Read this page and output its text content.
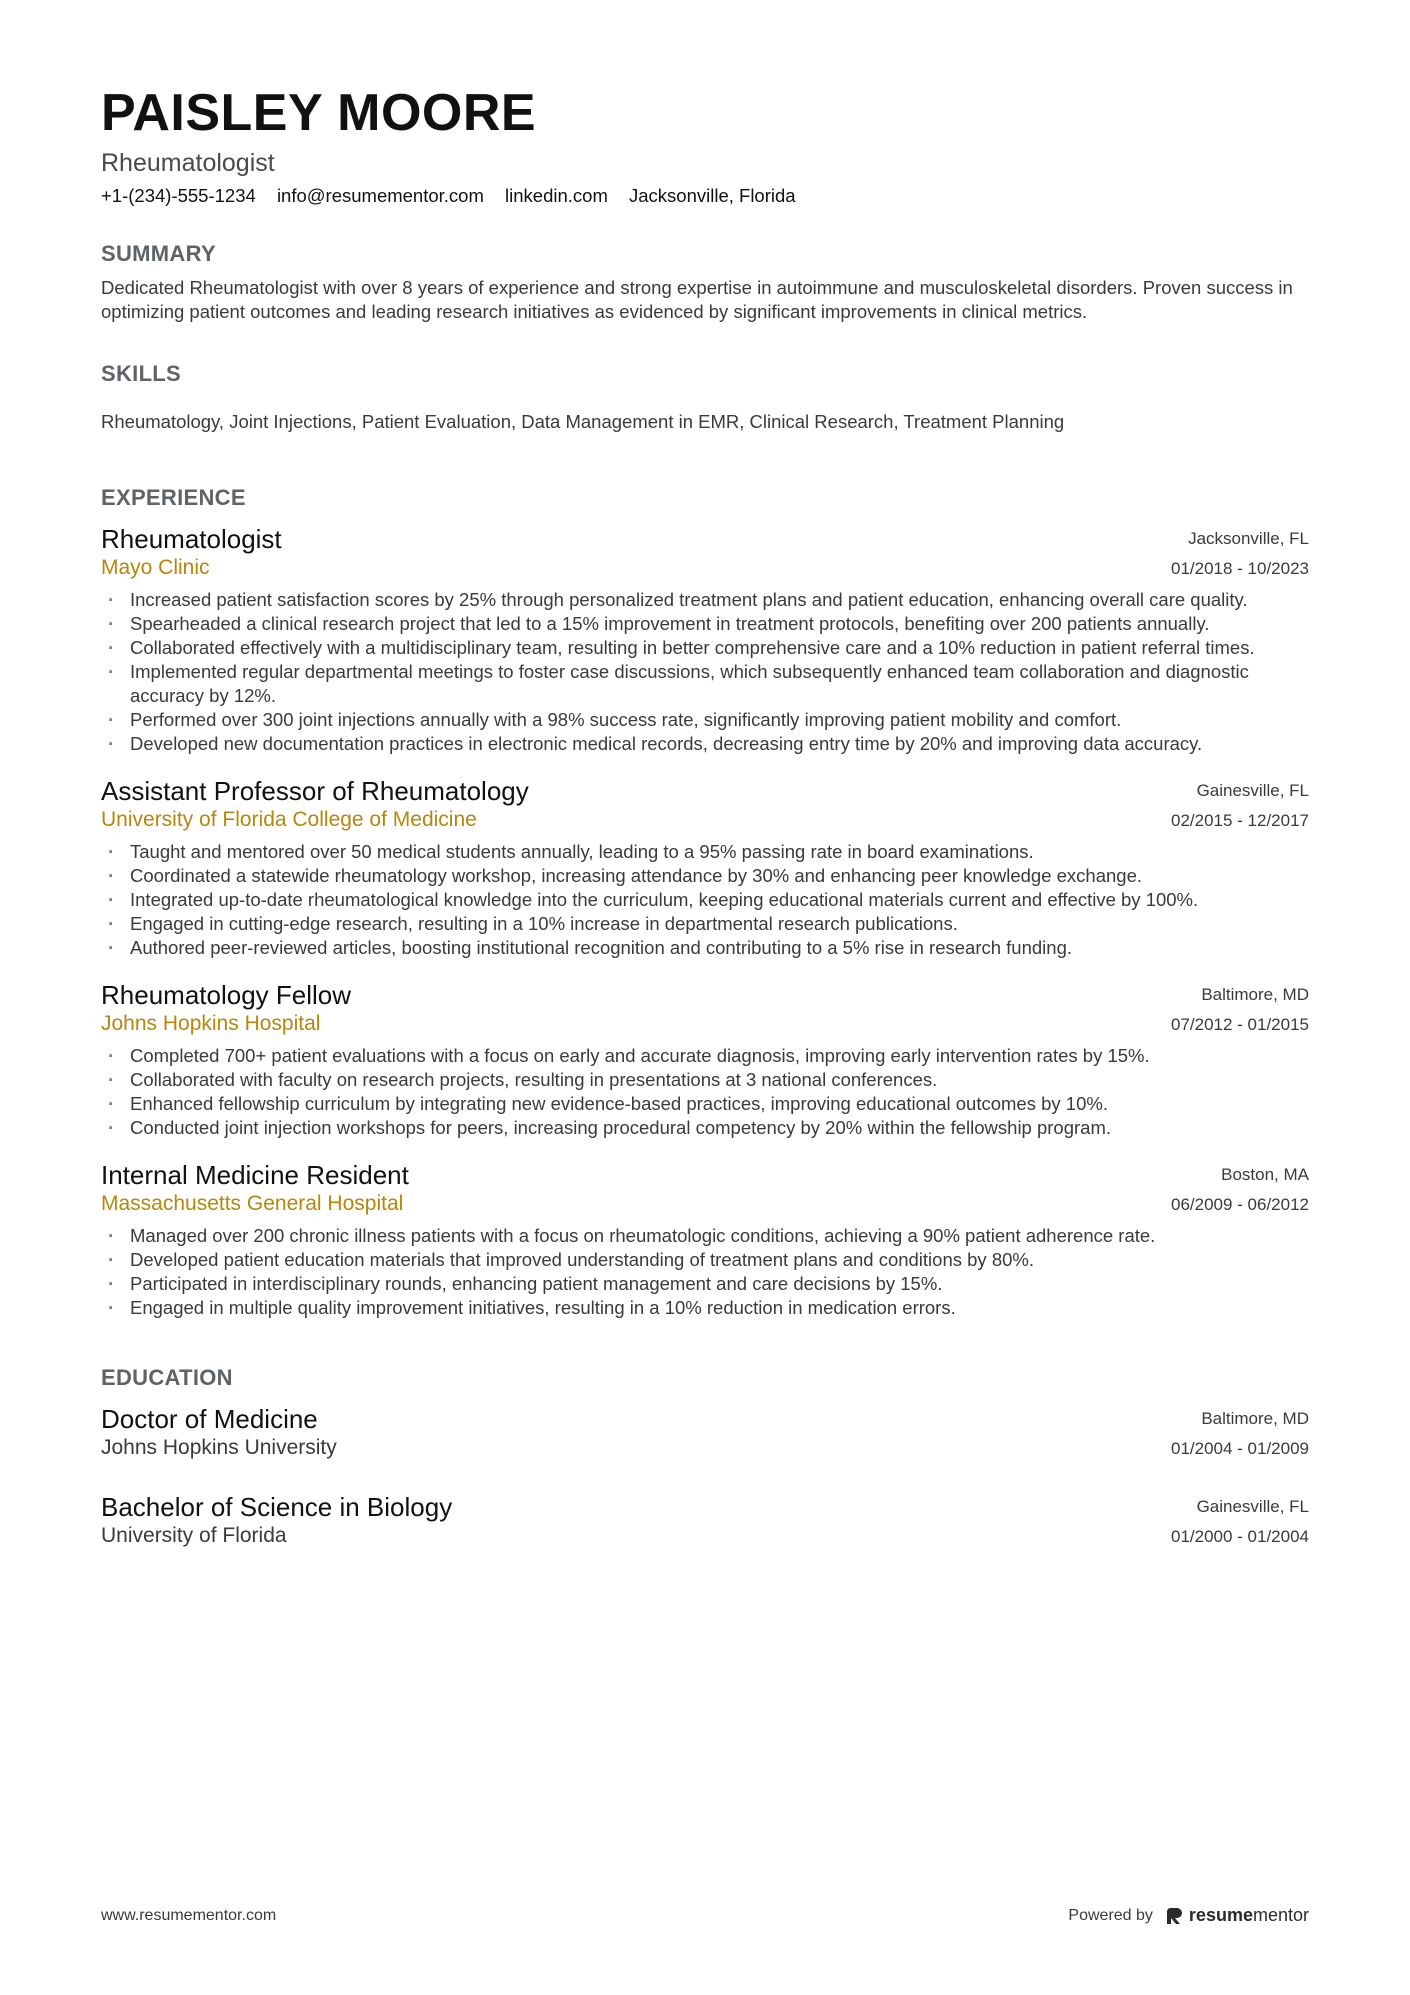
PAISLEY MOORE
Rheumatologist
+1-(234)-555-1234 info@resumementor.com linkedin.com Jacksonville, Florida
SUMMARY
Dedicated Rheumatologist with over 8 years of experience and strong expertise in autoimmune and musculoskeletal disorders. Proven success in optimizing patient outcomes and leading research initiatives as evidenced by significant improvements in clinical metrics.
SKILLS
Rheumatology, Joint Injections, Patient Evaluation, Data Management in EMR, Clinical Research, Treatment Planning
EXPERIENCE
Rheumatologist
Mayo Clinic
Jacksonville, FL
01/2018 - 10/2023
· Increased patient satisfaction scores by 25% through personalized treatment plans and patient education, enhancing overall care quality.
· Spearheaded a clinical research project that led to a 15% improvement in treatment protocols, benefiting over 200 patients annually.
· Collaborated effectively with a multidisciplinary team, resulting in better comprehensive care and a 10% reduction in patient referral times.
· Implemented regular departmental meetings to foster case discussions, which subsequently enhanced team collaboration and diagnostic accuracy by 12%.
· Performed over 300 joint injections annually with a 98% success rate, significantly improving patient mobility and comfort.
· Developed new documentation practices in electronic medical records, decreasing entry time by 20% and improving data accuracy.
Assistant Professor of Rheumatology
University of Florida College of Medicine
Gainesville, FL
02/2015 - 12/2017
· Taught and mentored over 50 medical students annually, leading to a 95% passing rate in board examinations.
· Coordinated a statewide rheumatology workshop, increasing attendance by 30% and enhancing peer knowledge exchange.
· Integrated up-to-date rheumatological knowledge into the curriculum, keeping educational materials current and effective by 100%.
· Engaged in cutting-edge research, resulting in a 10% increase in departmental research publications.
· Authored peer-reviewed articles, boosting institutional recognition and contributing to a 5% rise in research funding.
Rheumatology Fellow
Johns Hopkins Hospital
Baltimore, MD
07/2012 - 01/2015
· Completed 700+ patient evaluations with a focus on early and accurate diagnosis, improving early intervention rates by 15%.
· Collaborated with faculty on research projects, resulting in presentations at 3 national conferences.
· Enhanced fellowship curriculum by integrating new evidence-based practices, improving educational outcomes by 10%.
· Conducted joint injection workshops for peers, increasing procedural competency by 20% within the fellowship program.
Internal Medicine Resident
Massachusetts General Hospital
Boston, MA
06/2009 - 06/2012
· Managed over 200 chronic illness patients with a focus on rheumatologic conditions, achieving a 90% patient adherence rate.
· Developed patient education materials that improved understanding of treatment plans and conditions by 80%.
· Participated in interdisciplinary rounds, enhancing patient management and care decisions by 15%.
· Engaged in multiple quality improvement initiatives, resulting in a 10% reduction in medication errors.
EDUCATION
Doctor of Medicine
Johns Hopkins University
Baltimore, MD
01/2004 - 01/2009
Bachelor of Science in Biology
University of Florida
Gainesville, FL
01/2000 - 01/2004
www.resumementor.com	Powered by resumementor
